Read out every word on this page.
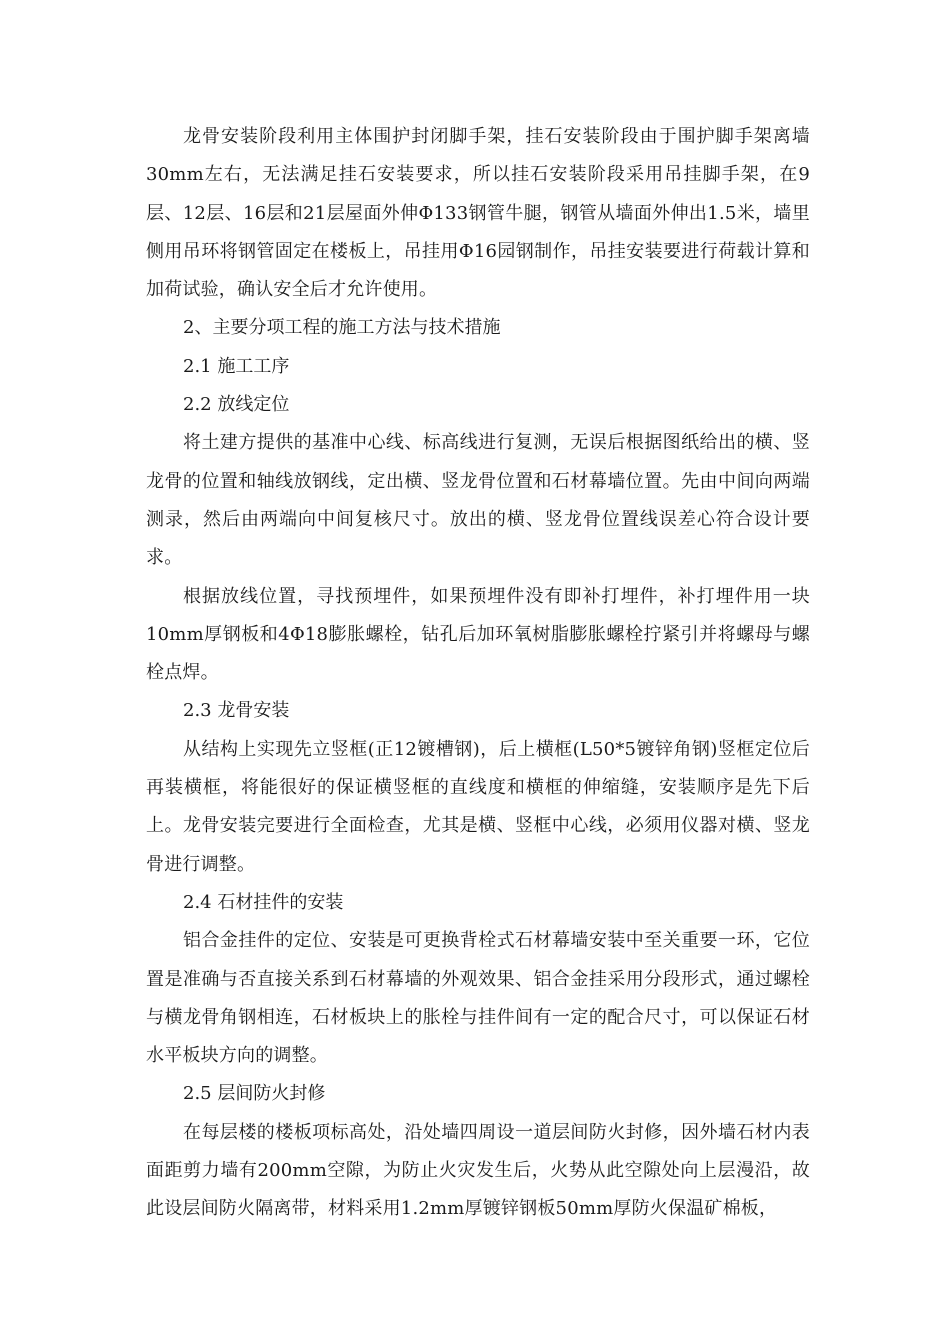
龙骨安装阶段利用主体围护封闭脚手架，挂石安装阶段由于围护脚手架离墙30mm左右，无法满足挂石安装要求，所以挂石安装阶段采用吊挂脚手架，在9层、12层、16层和21层屋面外伸Φ133钢管牛腿，钢管从墙面外伸出1.5米，墙里侧用吊环将钢管固定在楼板上，吊挂用Φ16园钢制作，吊挂安装要进行荷载计算和加荷试验，确认安全后才允许使用。

2、主要分项工程的施工方法与技术措施

2.1 施工工序

2.2 放线定位

将土建方提供的基准中心线、标高线进行复测，无误后根据图纸给出的横、竖龙骨的位置和轴线放钢线，定出横、竖龙骨位置和石材幕墙位置。先由中间向两端测录，然后由两端向中间复核尺寸。放出的横、竖龙骨位置线误差心符合设计要求。

根据放线位置，寻找预埋件，如果预埋件没有即补打埋件，补打埋件用一块10mm厚钢板和4Φ18膨胀螺栓，钻孔后加环氧树脂膨胀螺栓拧紧引并将螺母与螺栓点焊。

2.3 龙骨安装

从结构上实现先立竖框(正12镀槽钢)，后上横框(L50*5镀锌角钢)竖框定位后再装横框，将能很好的保证横竖框的直线度和横框的伸缩缝，安装顺序是先下后上。龙骨安装完要进行全面检查，尤其是横、竖框中心线，必须用仪器对横、竖龙骨进行调整。

2.4 石材挂件的安装

铝合金挂件的定位、安装是可更换背栓式石材幕墙安装中至关重要一环，它位置是准确与否直接关系到石材幕墙的外观效果、铝合金挂采用分段形式，通过螺栓与横龙骨角钢相连，石材板块上的胀栓与挂件间有一定的配合尺寸，可以保证石材水平板块方向的调整。

2.5 层间防火封修

在每层楼的楼板项标高处，沿处墙四周设一道层间防火封修，因外墙石材内表面距剪力墙有200mm空隙，为防止火灾发生后，火势从此空隙处向上层漫沿，故此设层间防火隔离带，材料采用1.2mm厚镀锌钢板50mm厚防火保温矿棉板，
